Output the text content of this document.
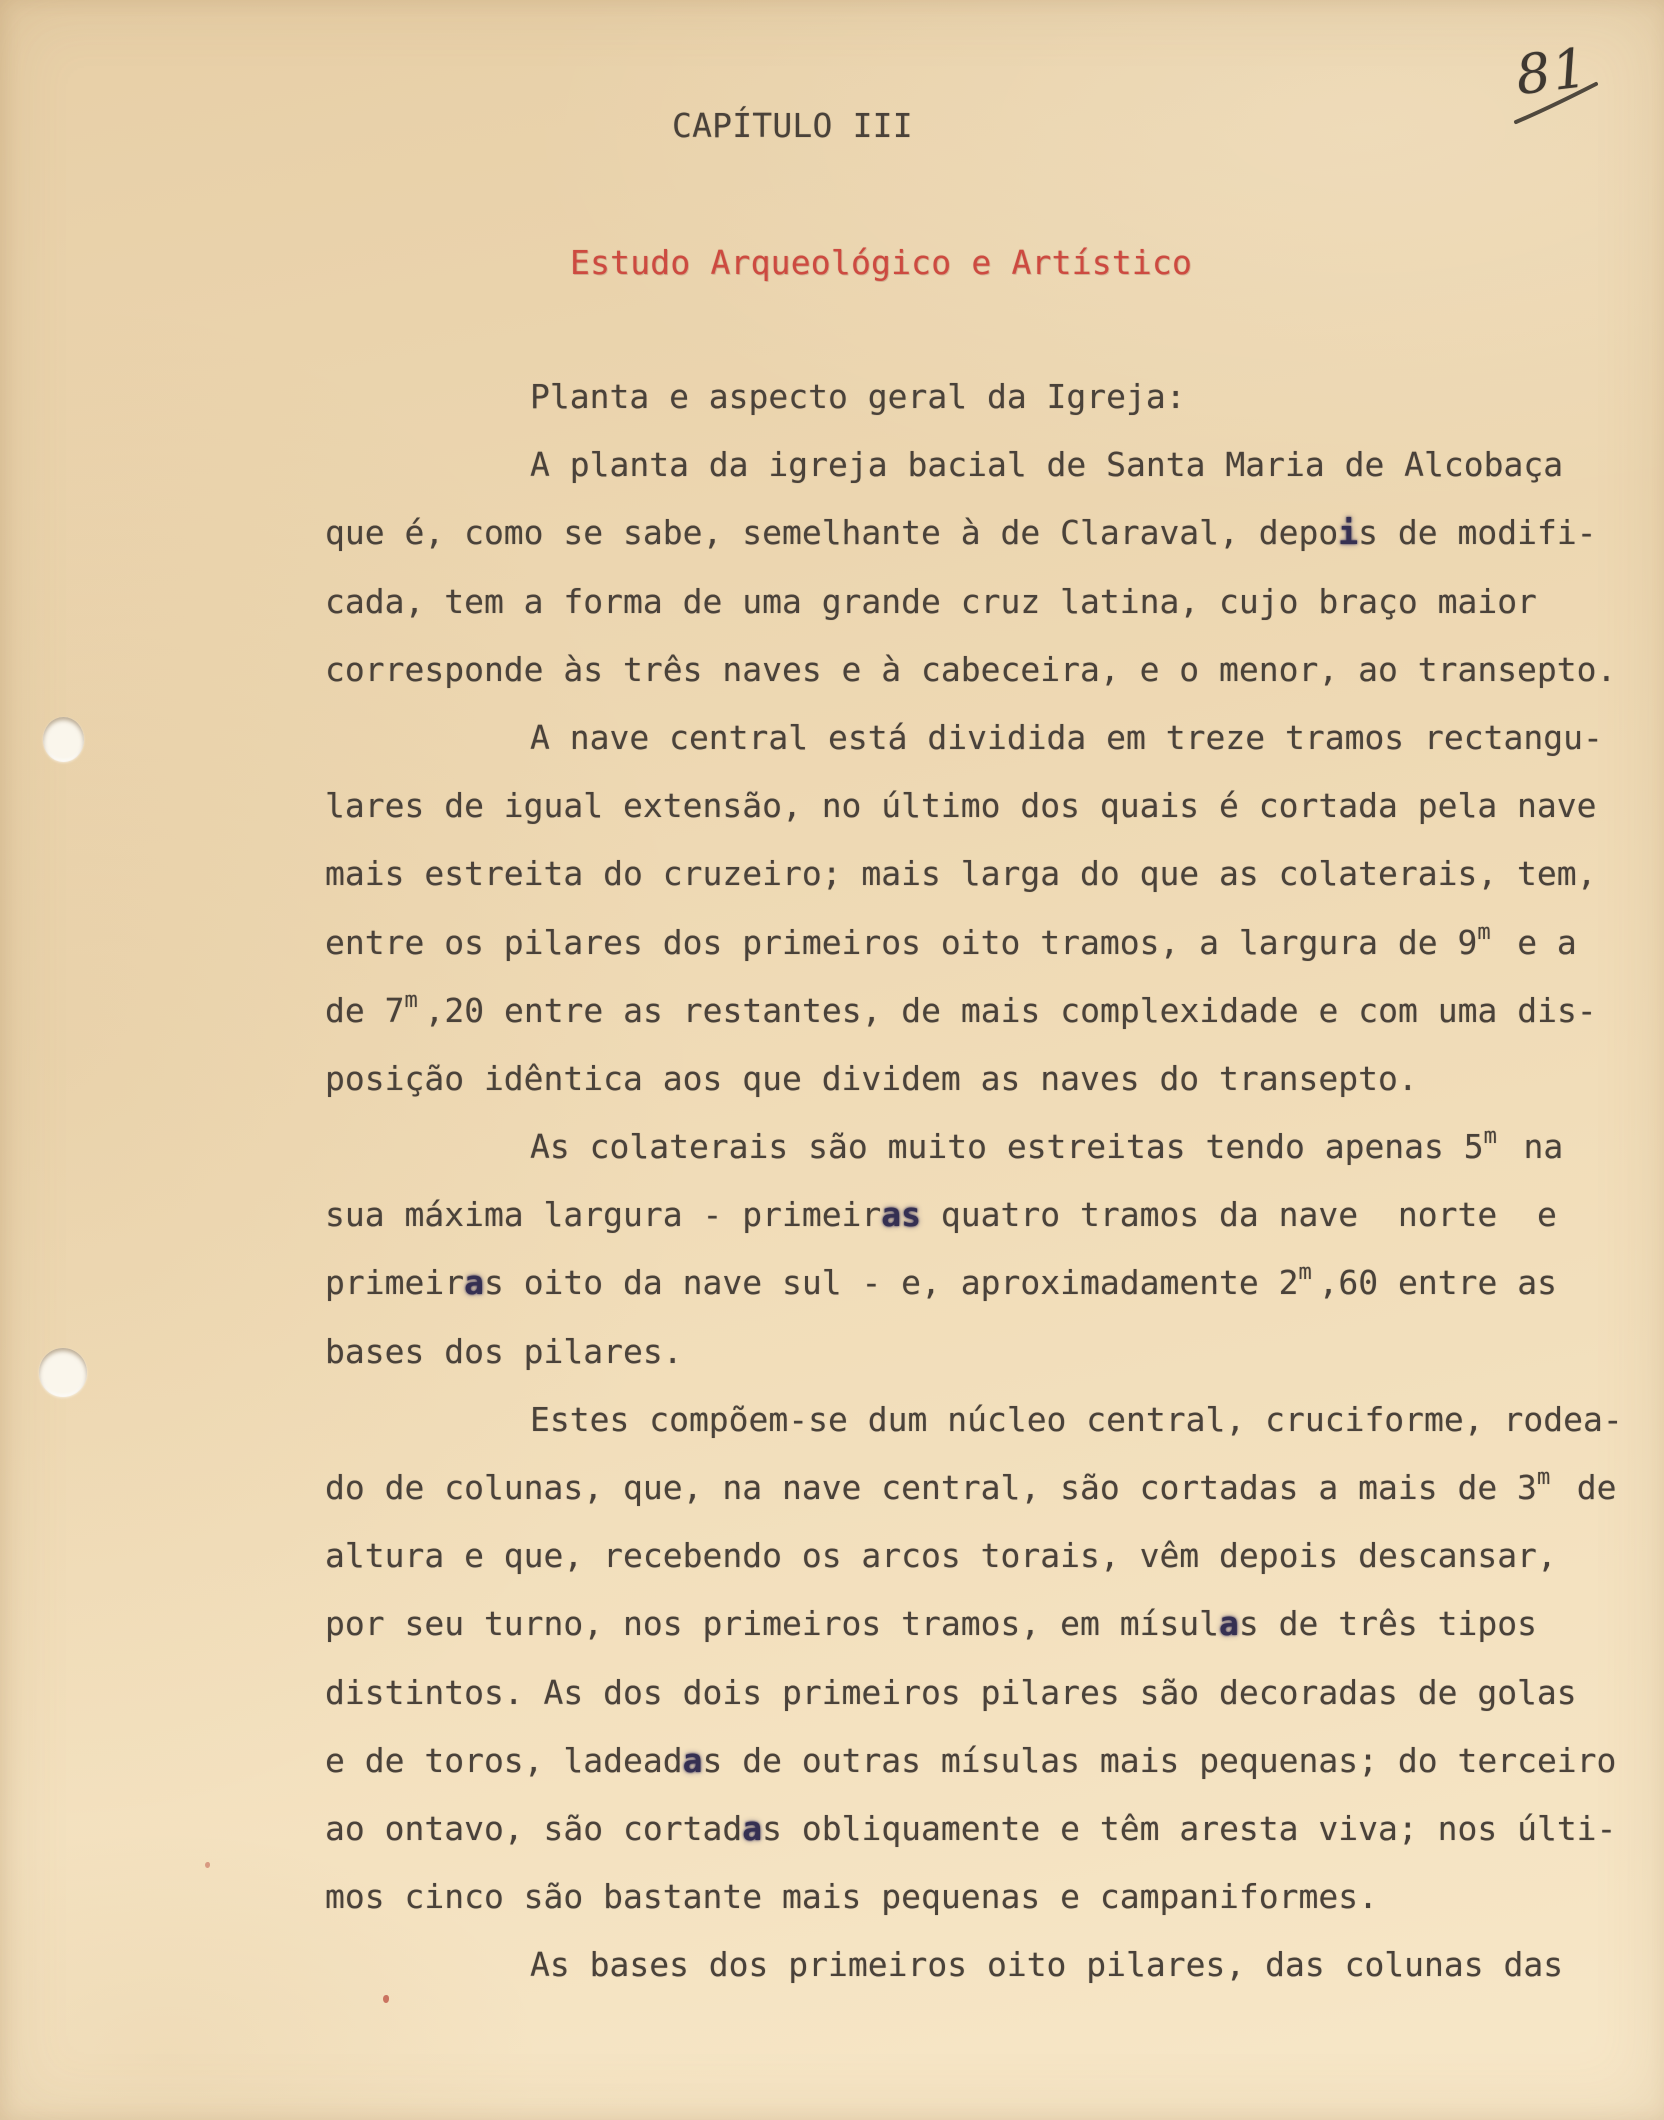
81
CAPÍTULO III
Estudo Arqueológico e Artístico
Planta e aspecto geral da Igreja:
A planta da igreja bacial de Santa Maria de Alcobaça
que é, como se sabe, semelhante à de Claraval, depois de modifi-
cada, tem a forma de uma grande cruz latina, cujo braço maior
corresponde às três naves e à cabeceira, e o menor, ao transepto.
A nave central está dividida em treze tramos rectangu-
lares de igual extensão, no último dos quais é cortada pela nave
mais estreita do cruzeiro; mais larga do que as colaterais, tem,
entre os pilares dos primeiros oito tramos, a largura de 9$^m$ e a
de 7$^m$ ,20 entre as restantes, de mais complexidade e com uma dis-
posição idêntica aos que dividem as naves do transepto.
As colaterais são muito estreitas tendo apenas 5$^m$ na
sua máxima largura - primeiras quatro tramos da nave  norte  e
primeiras oito da nave sul - e, aproximadamente 2$^m$ ,60 entre as
bases dos pilares.
Estes compõem-se dum núcleo central, cruciforme, rodea-
do de colunas, que, na nave central, são cortadas a mais de 3$^m$ de
altura e que, recebendo os arcos torais, vêm depois descansar,
por seu turno, nos primeiros tramos, em mísulas de três tipos
distintos. As dos dois primeiros pilares são decoradas de golas
e de toros, ladeadas de outras mísulas mais pequenas; do terceiro
ao ontavo, são cortadas obliquamente e têm aresta viva; nos últi-
mos cinco são bastante mais pequenas e campaniformes.
As bases dos primeiros oito pilares, das colunas das
